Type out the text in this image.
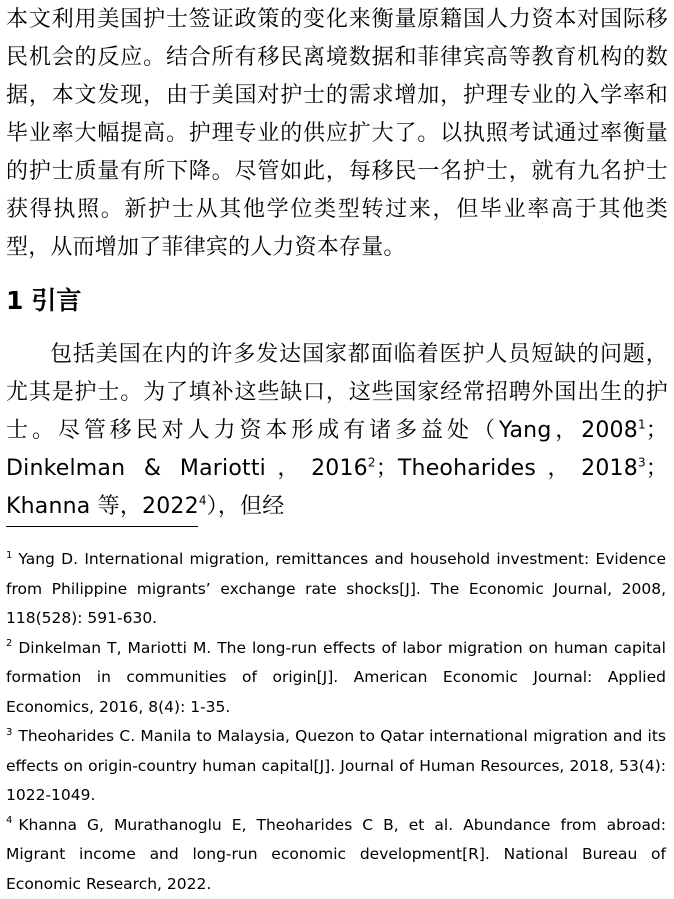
本文利用美国护士签证政策的变化来衡量原籍国人力资本对国际移民机会的反应。结合所有移民离境数据和菲律宾高等教育机构的数据，本文发现，由于美国对护士的需求增加，护理专业的入学率和毕业率大幅提高。护理专业的供应扩大了。以执照考试通过率衡量的护士质量有所下降。尽管如此，每移民一名护士，就有九名护士获得执照。新护士从其他学位类型转过来，但毕业率高于其他类型，从而增加了菲律宾的人力资本存量。

1 引言

包括美国在内的许多发达国家都面临着医护人员短缺的问题，尤其是护士。为了填补这些缺口，这些国家经常招聘外国出生的护士。尽管移民对人力资本形成有诸多益处（Yang，2008$^1$；Dinkelman & Mariotti，2016$^2$；Theoharides，2018$^3$；Khanna 等，2022$^4$），但经

$^1$ Yang D. International migration, remittances and household investment: Evidence from Philippine migrants’ exchange rate shocks[J]. The Economic Journal, 2008, 118(528): 591-630.

$^2$ Dinkelman T, Mariotti M. The long-run effects of labor migration on human capital formation in communities of origin[J]. American Economic Journal: Applied Economics, 2016, 8(4): 1-35.

$^3$ Theoharides C. Manila to Malaysia, Quezon to Qatar international migration and its effects on origin-country human capital[J]. Journal of Human Resources, 2018, 53(4): 1022-1049.

$^4$ Khanna G, Murathanoglu E, Theoharides C B, et al. Abundance from abroad: Migrant income and long-run economic development[R]. National Bureau of Economic Research, 2022.
